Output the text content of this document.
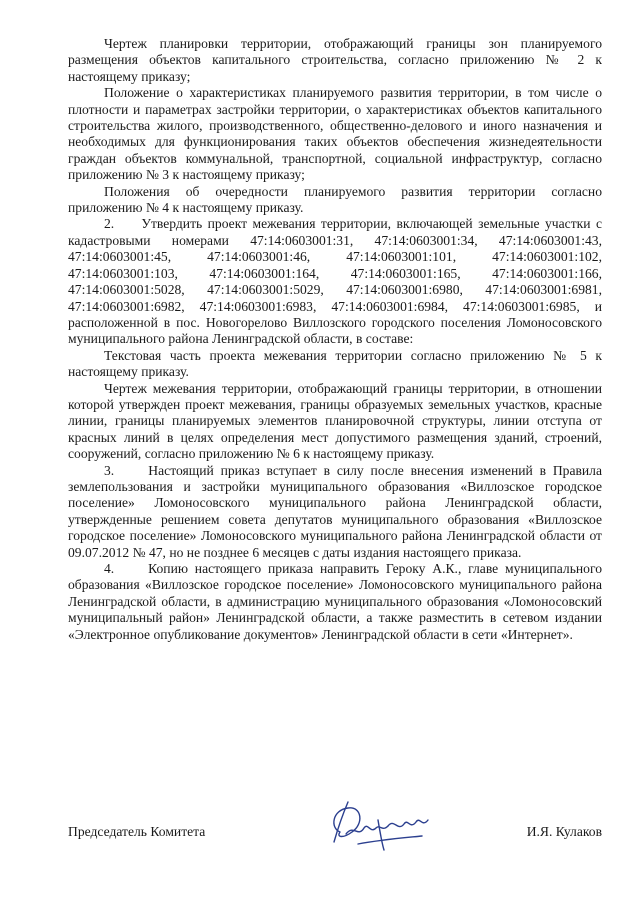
Чертеж планировки территории, отображающий границы зон планируемого размещения объектов капитального строительства, согласно приложению № 2 к настоящему приказу;

Положение о характеристиках планируемого развития территории, в том числе о плотности и параметрах застройки территории, о характеристиках объектов капитального строительства жилого, производственного, общественно-делового и иного назначения и необходимых для функционирования таких объектов обеспечения жизнедеятельности граждан объектов коммунальной, транспортной, социальной инфраструктур, согласно приложению № 3 к настоящему приказу;

Положения об очередности планируемого развития территории согласно приложению № 4 к настоящему приказу.

2.     Утвердить проект межевания территории, включающей земельные участки с кадастровыми номерами 47:14:0603001:31, 47:14:0603001:34, 47:14:0603001:43, 47:14:0603001:45, 47:14:0603001:46, 47:14:0603001:101, 47:14:0603001:102, 47:14:0603001:103, 47:14:0603001:164, 47:14:0603001:165, 47:14:0603001:166, 47:14:0603001:5028, 47:14:0603001:5029, 47:14:0603001:6980, 47:14:0603001:6981, 47:14:0603001:6982, 47:14:0603001:6983, 47:14:0603001:6984, 47:14:0603001:6985, и расположенной в пос. Новогорелово Виллозского городского поселения Ломоносовского муниципального района Ленинградской области, в составе:

Текстовая часть проекта межевания территории согласно приложению № 5 к настоящему приказу.

Чертеж межевания территории, отображающий границы территории, в отношении которой утвержден проект межевания, границы образуемых земельных участков, красные линии, границы планируемых элементов планировочной структуры, линии отступа от красных линий в целях определения мест допустимого размещения зданий, строений, сооружений, согласно приложению № 6 к настоящему приказу.

3.     Настоящий приказ вступает в силу после внесения изменений в Правила землепользования и застройки муниципального образования «Виллозское городское поселение» Ломоносовского муниципального района Ленинградской области, утвержденные решением совета депутатов муниципального образования «Виллозское городское поселение» Ломоносовского муниципального района Ленинградской области от 09.07.2012 № 47, но не позднее 6 месяцев с даты издания настоящего приказа.

4.     Копию настоящего приказа направить Героку А.К., главе муниципального образования «Виллозское городское поселение» Ломоносовского муниципального района Ленинградской области, в администрацию муниципального образования «Ломоносовский муниципальный район» Ленинградской области, а также разместить в сетевом издании «Электронное опубликование документов» Ленинградской области в сети «Интернет».

Председатель Комитета	И.Я. Кулаков
